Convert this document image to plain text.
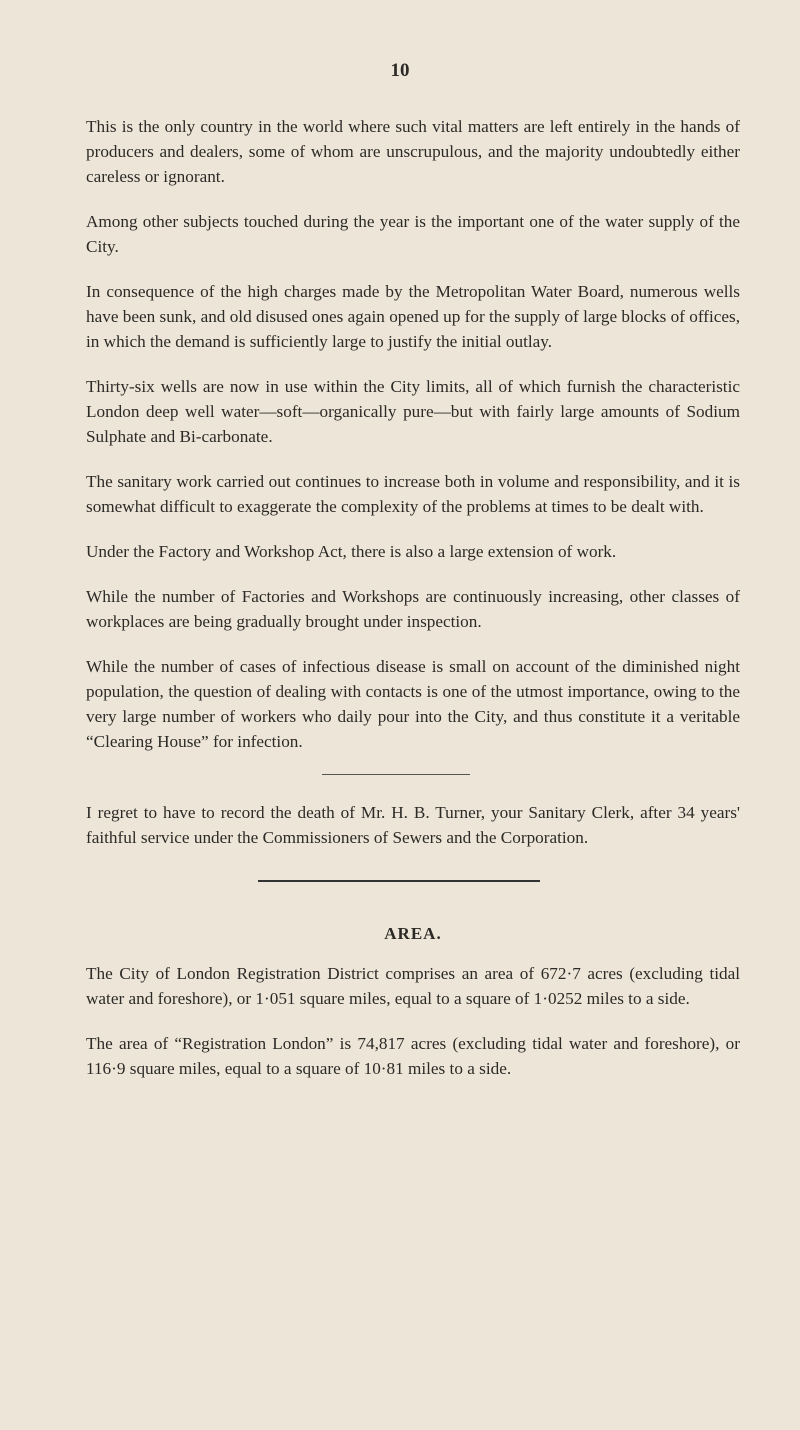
10

This is the only country in the world where such vital matters are left entirely in the hands of producers and dealers, some of whom are unscrupulous, and the majority undoubtedly either careless or ignorant.

Among other subjects touched during the year is the important one of the water supply of the City.

In consequence of the high charges made by the Metropolitan Water Board, numerous wells have been sunk, and old disused ones again opened up for the supply of large blocks of offices, in which the demand is sufficiently large to justify the initial outlay.

Thirty-six wells are now in use within the City limits, all of which furnish the characteristic London deep well water—soft—organically pure—but with fairly large amounts of Sodium Sulphate and Bi-carbonate.

The sanitary work carried out continues to increase both in volume and responsibility, and it is somewhat difficult to exaggerate the complexity of the problems at times to be dealt with.

Under the Factory and Workshop Act, there is also a large extension of work.

While the number of Factories and Workshops are continuously increasing, other classes of workplaces are being gradually brought under inspection.

While the number of cases of infectious disease is small on account of the diminished night population, the question of dealing with contacts is one of the utmost importance, owing to the very large number of workers who daily pour into the City, and thus constitute it a veritable “Clearing House” for infection.

I regret to have to record the death of Mr. H. B. Turner, your Sanitary Clerk, after 34 years' faithful service under the Commissioners of Sewers and the Corporation.

AREA.

The City of London Registration District comprises an area of 672·7 acres (excluding tidal water and foreshore), or 1·051 square miles, equal to a square of 1·0252 miles to a side.

The area of “Registration London” is 74,817 acres (excluding tidal water and foreshore), or 116·9 square miles, equal to a square of 10·81 miles to a side.
